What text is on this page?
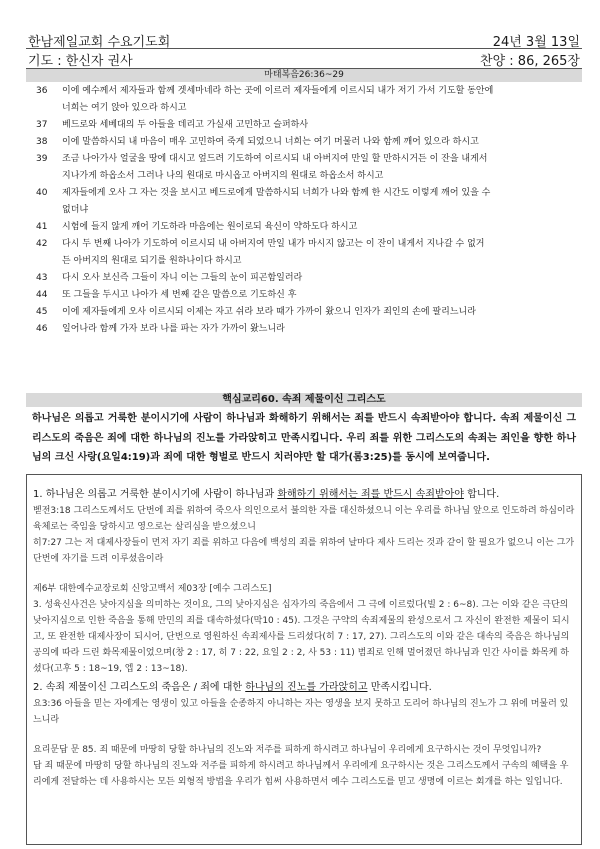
한남제일교회 수요기도회	24년 3월 13일
기도 : 한신자 권사	찬양 : 86, 265장
마태복음26:36~29
36 이에 예수께서 제자들과 함께 겟세마네라 하는 곳에 이르러 제자들에게 이르시되 내가 저기 가서 기도할 동안에
너희는 여기 앉아 있으라 하시고
37 베드로와 세베대의 두 아들을 데리고 가실새 고민하고 슬퍼하사
38 이에 말씀하시되 내 마음이 매우 고민하여 죽게 되었으니 너희는 여기 머물러 나와 함께 깨어 있으라 하시고
39 조금 나아가사 얼굴을 땅에 대시고 엎드려 기도하여 이르시되 내 아버지여 만일 할 만하시거든 이 잔을 내게서
지나가게 하옵소서 그러나 나의 원대로 마시옵고 아버지의 원대로 하옵소서 하시고
40 제자들에게 오사 그 자는 것을 보시고 베드로에게 말씀하시되 너희가 나와 함께 한 시간도 이렇게 깨어 있을 수
없더냐
41 시험에 들지 않게 깨어 기도하라 마음에는 원이로되 육신이 약하도다 하시고
42 다시 두 번째 나아가 기도하여 이르시되 내 아버지여 만일 내가 마시지 않고는 이 잔이 내게서 지나갈 수 없거
든 아버지의 원대로 되기를 원하나이다 하시고
43 다시 오사 보신즉 그들이 자니 이는 그들의 눈이 피곤함일러라
44 또 그들을 두시고 나아가 세 번째 같은 말씀으로 기도하신 후
45 이에 제자들에게 오사 이르시되 이제는 자고 쉬라 보라 때가 가까이 왔으니 인자가 죄인의 손에 팔리느니라
46 일어나라 함께 가자 보라 나를 파는 자가 가까이 왔느니라
핵심교리60. 속죄 제물이신 그리스도
하나님은 의롭고 거룩한 분이시기에 사람이 하나님과 화해하기 위해서는 죄를 반드시 속죄받아야 합니다. 속죄 제물이신 그리스도의 죽음은 죄에 대한 하나님의 진노를 가라앉히고 만족시킵니다. 우리 죄를 위한 그리스도의 속죄는 죄인을 향한 하나님의 크신 사랑(요일4:19)과 죄에 대한 형벌로 반드시 치러야만 할 대가(롬3:25)를 동시에 보여줍니다.
1. 하나님은 의롭고 거룩한 분이시기에 사람이 하나님과 화해하기 위해서는 죄를 반드시 속죄받아야 합니다.

벧전3:18 그리스도께서도 단번에 죄를 위하여 죽으사 의인으로서 불의한 자를 대신하셨으니 이는 우리를 하나님 앞으로 인도하려 하심이라 육체로는 죽임을 당하시고 영으로는 살리심을 받으셨으니

히7:27 그는 저 대제사장들이 먼저 자기 죄를 위하고 다음에 백성의 죄를 위하여 날마다 제사 드리는 것과 같이 할 필요가 없으니 이는 그가 단번에 자기를 드려 이루셨음이라

제6부 대한예수교장로회 신앙고백서 제03장 [예수 그리스도]

3. 성육신사건은 낮아지심을 의미하는 것이요, 그의 낮아지심은 십자가의 죽음에서 그 극에 이르렀다(빌 2 : 6~8). 그는 이와 같은 극단의 낮아지심으로 인한 죽음을 통해 만민의 죄를 대속하셨다(막10 : 45). 그것은 구약의 속죄제물의 완성으로서 그 자신이 완전한 제물이 되시고, 또 완전한 대제사장이 되시어, 단번으로 영원하신 속죄제사를 드리셨다(히 7 : 17, 27). 그리스도의 이와 같은 대속의 죽음은 하나님의 공의에 따라 드린 화목제물이었으며(창 2 : 17, 히 7 : 22, 요일 2 : 2, 사 53 : 11) 범죄로 인해 멀어졌던 하나님과 인간 사이를 화목케 하셨다(고후 5 : 18~19, 엡 2 : 13~18).

2. 속죄 제물이신 그리스도의 죽음은 / 죄에 대한 하나님의 진노를 가라앉히고 만족시킵니다.

요3:36 아들을 믿는 자에게는 영생이 있고 아들을 순종하지 아니하는 자는 영생을 보지 못하고 도리어 하나님의 진노가 그 위에 머물러 있느니라

요리문답 문 85. 죄 때문에 마땅히 당할 하나님의 진노와 저주를 피하게 하시려고 하나님이 우리에게 요구하시는 것이 무엇입니까?

답 죄 때문에 마땅히 당할 하나님의 진노와 저주를 피하게 하시려고 하나님께서 우리에게 요구하시는 것은 그리스도께서 구속의 혜택을 우리에게 전달하는 데 사용하시는 모든 외형적 방법을 우리가 힘써 사용하면서 예수 그리스도를 믿고 생명에 이르는 회개를 하는 일입니다.
